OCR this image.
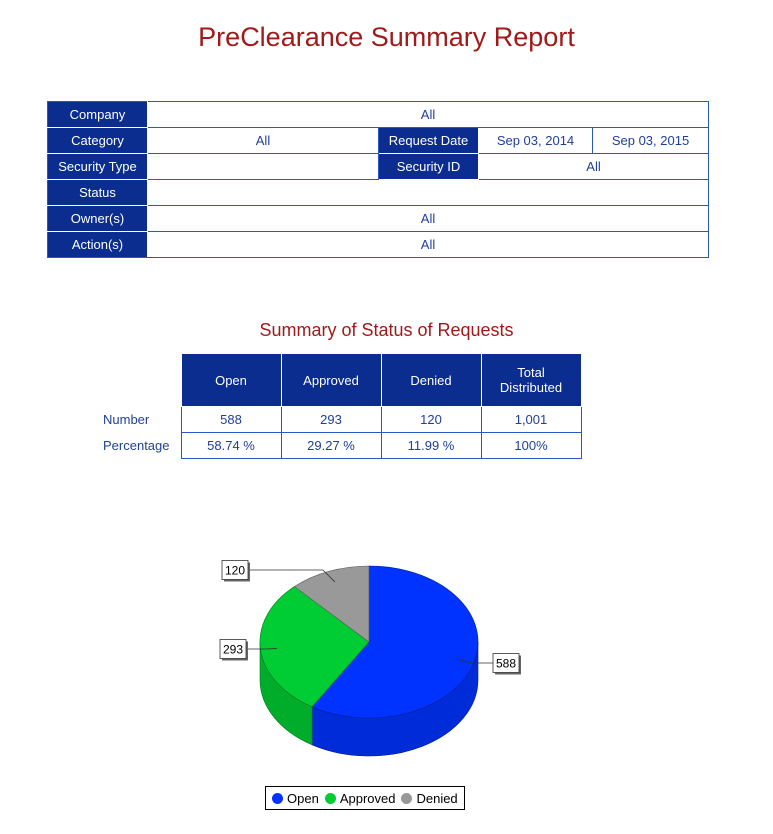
PreClearance Summary Report
Company	All			
Category	All	Request Date	Sep 03, 2014	Sep 03, 2015
Security Type		Security ID	All	
Status				
Owner(s)	All			
Action(s)	All			
Summary of Status of Requests
	Open	Approved	Denied	Total Distributed
Number	588	293	120	1,001
Percentage	58.74 %	29.27 %	11.99 %	100%
588
293
120
Open Approved Denied
